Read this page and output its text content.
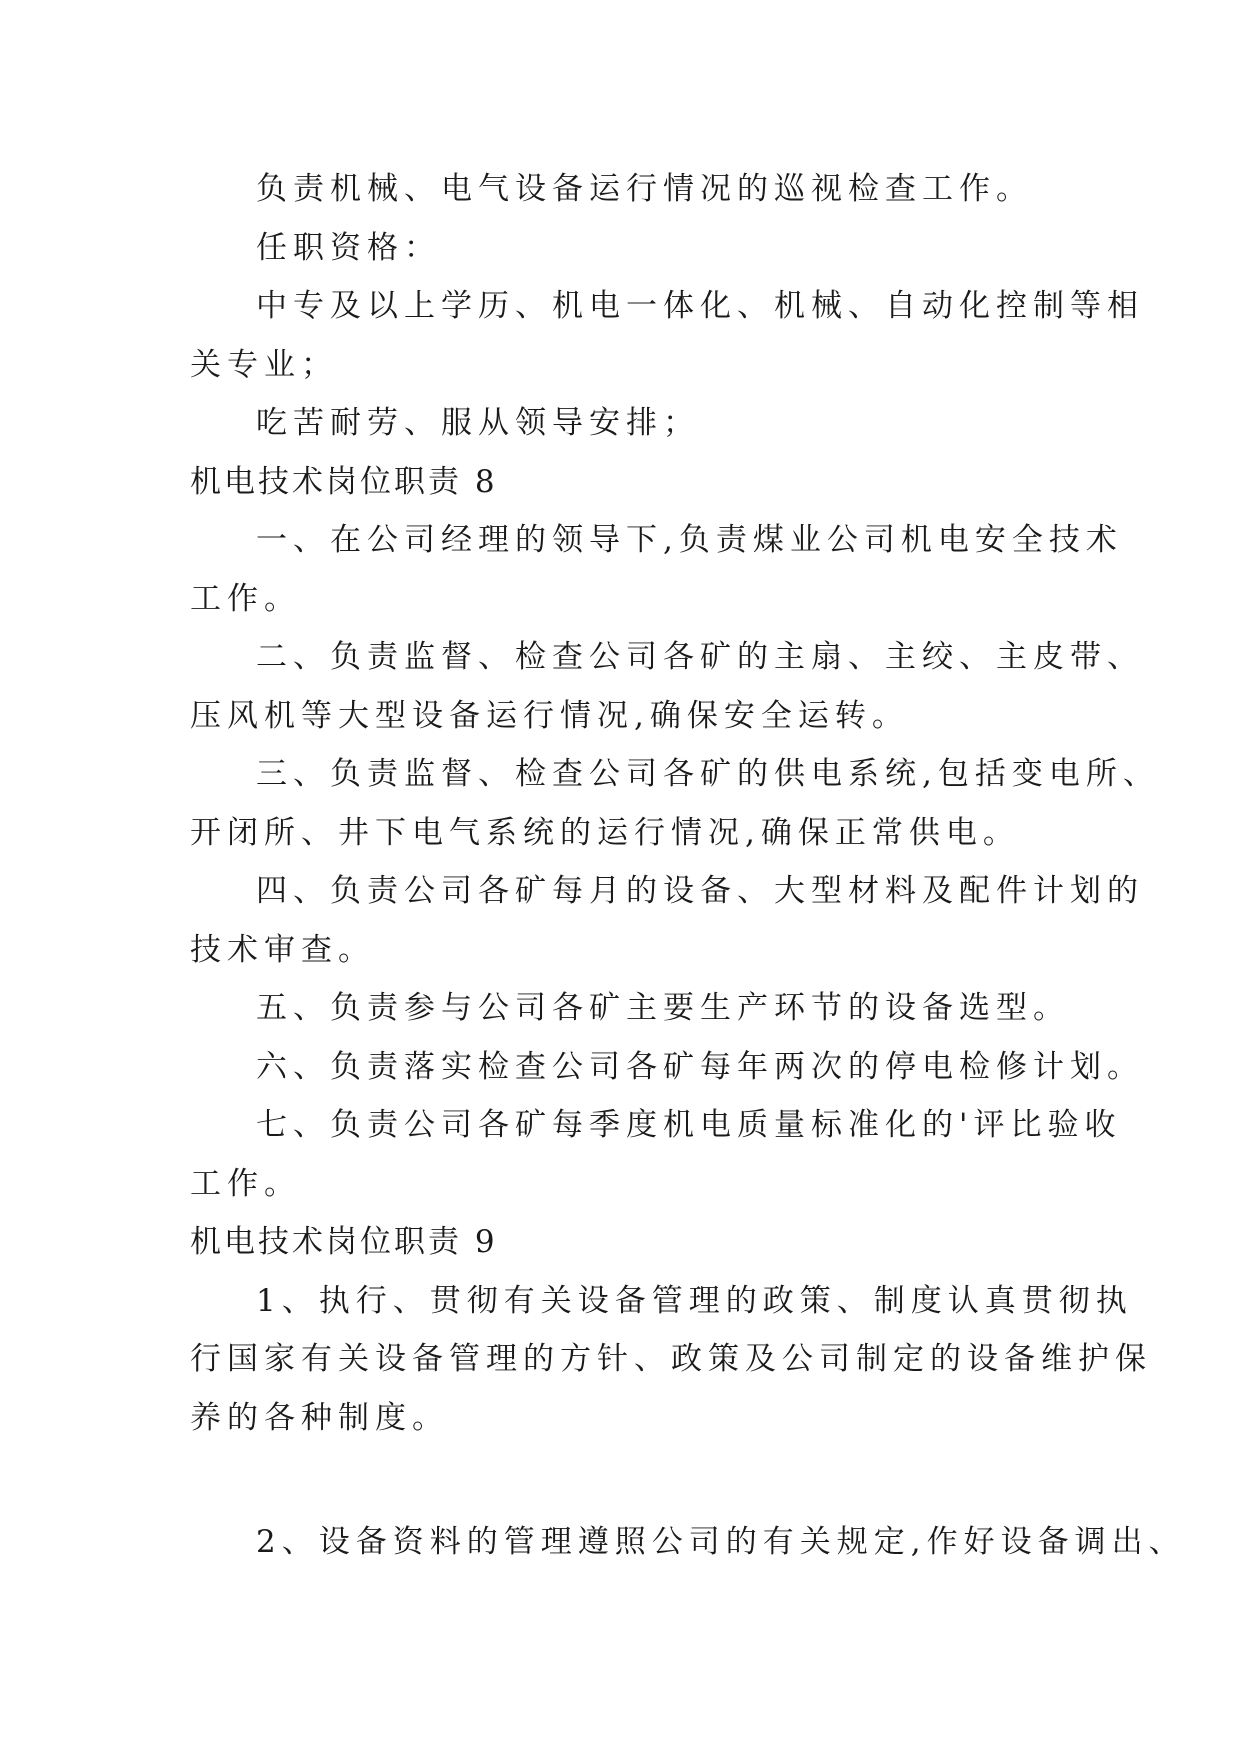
负责机械、电气设备运行情况的巡视检查工作。

任职资格：

中专及以上学历、机电一体化、机械、自动化控制等相

关专业；

吃苦耐劳、服从领导安排；

机电技术岗位职责 8

一、在公司经理的领导下,负责煤业公司机电安全技术

工作。

二、负责监督、检查公司各矿的主扇、主绞、主皮带、

压风机等大型设备运行情况,确保安全运转。

三、负责监督、检查公司各矿的供电系统,包括变电所、

开闭所、井下电气系统的运行情况,确保正常供电。

四、负责公司各矿每月的设备、大型材料及配件计划的

技术审查。

五、负责参与公司各矿主要生产环节的设备选型。

六、负责落实检查公司各矿每年两次的停电检修计划。

七、负责公司各矿每季度机电质量标准化的'评比验收

工作。

机电技术岗位职责 9

1、执行、贯彻有关设备管理的政策、制度认真贯彻执

行国家有关设备管理的方针、政策及公司制定的设备维护保

养的各种制度。

2、设备资料的管理遵照公司的有关规定,作好设备调出、
